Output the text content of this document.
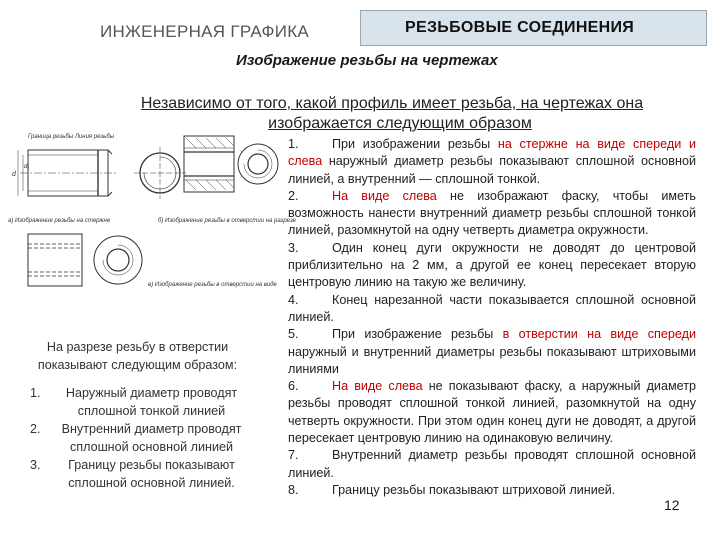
ИНЖЕНЕРНАЯ ГРАФИКА	РЕЗЬБОВЫЕ СОЕДИНЕНИЯ
Изображение резьбы на чертежах
Независимо от того, какой профиль имеет резьба, на чертежах она
изображается следующим образом
Граница резьбы Линия резьбы
d
d₁
а) Изображение резьбы на стержне	б) Изображение резьбы в отверстии на разрезе
в) Изображение резьбы в отверстии на виде
На разрезе резьбу в отверстии показывают следующим образом:
1.	Наружный диаметр проводят сплошной тонкой линией
2.	Внутренний диаметр проводят сплошной основной линией
3.	Границу резьбы показывают сплошной основной линией.

1.	При изображении резьбы на стержне на виде спереди и слева наружный диаметр резьбы показывают сплошной основной линией, а внутренний — сплошной тонкой.

2.	На виде слева не изображают фаску, чтобы иметь возможность нанести внутренний диаметр резьбы сплошной тонкой линией, разомкнутой на одну четверть диаметра окружности.

3.	Один конец дуги окружности не доводят до центровой приблизительно на 2 мм, а другой ее конец пересекает вторую центровую линию на такую же величину.

4.	Конец нарезанной части показывается сплошной основной линией.

5.	При изображение резьбы в отверстии на виде спереди наружный и внутренний диаметры резьбы показывают штриховыми линиями

6.	На виде слева не показывают фаску, а наружный диаметр резьбы проводят сплошной тонкой линией, разомкнутой на одну четверть окружности. При этом один конец дуги не доводят, а другой пересекает центровую линию на одинаковую величину.

7.	Внутренний диаметр резьбы проводят сплошной основной линией.

8.	Границу резьбы показывают штриховой линией.

12
